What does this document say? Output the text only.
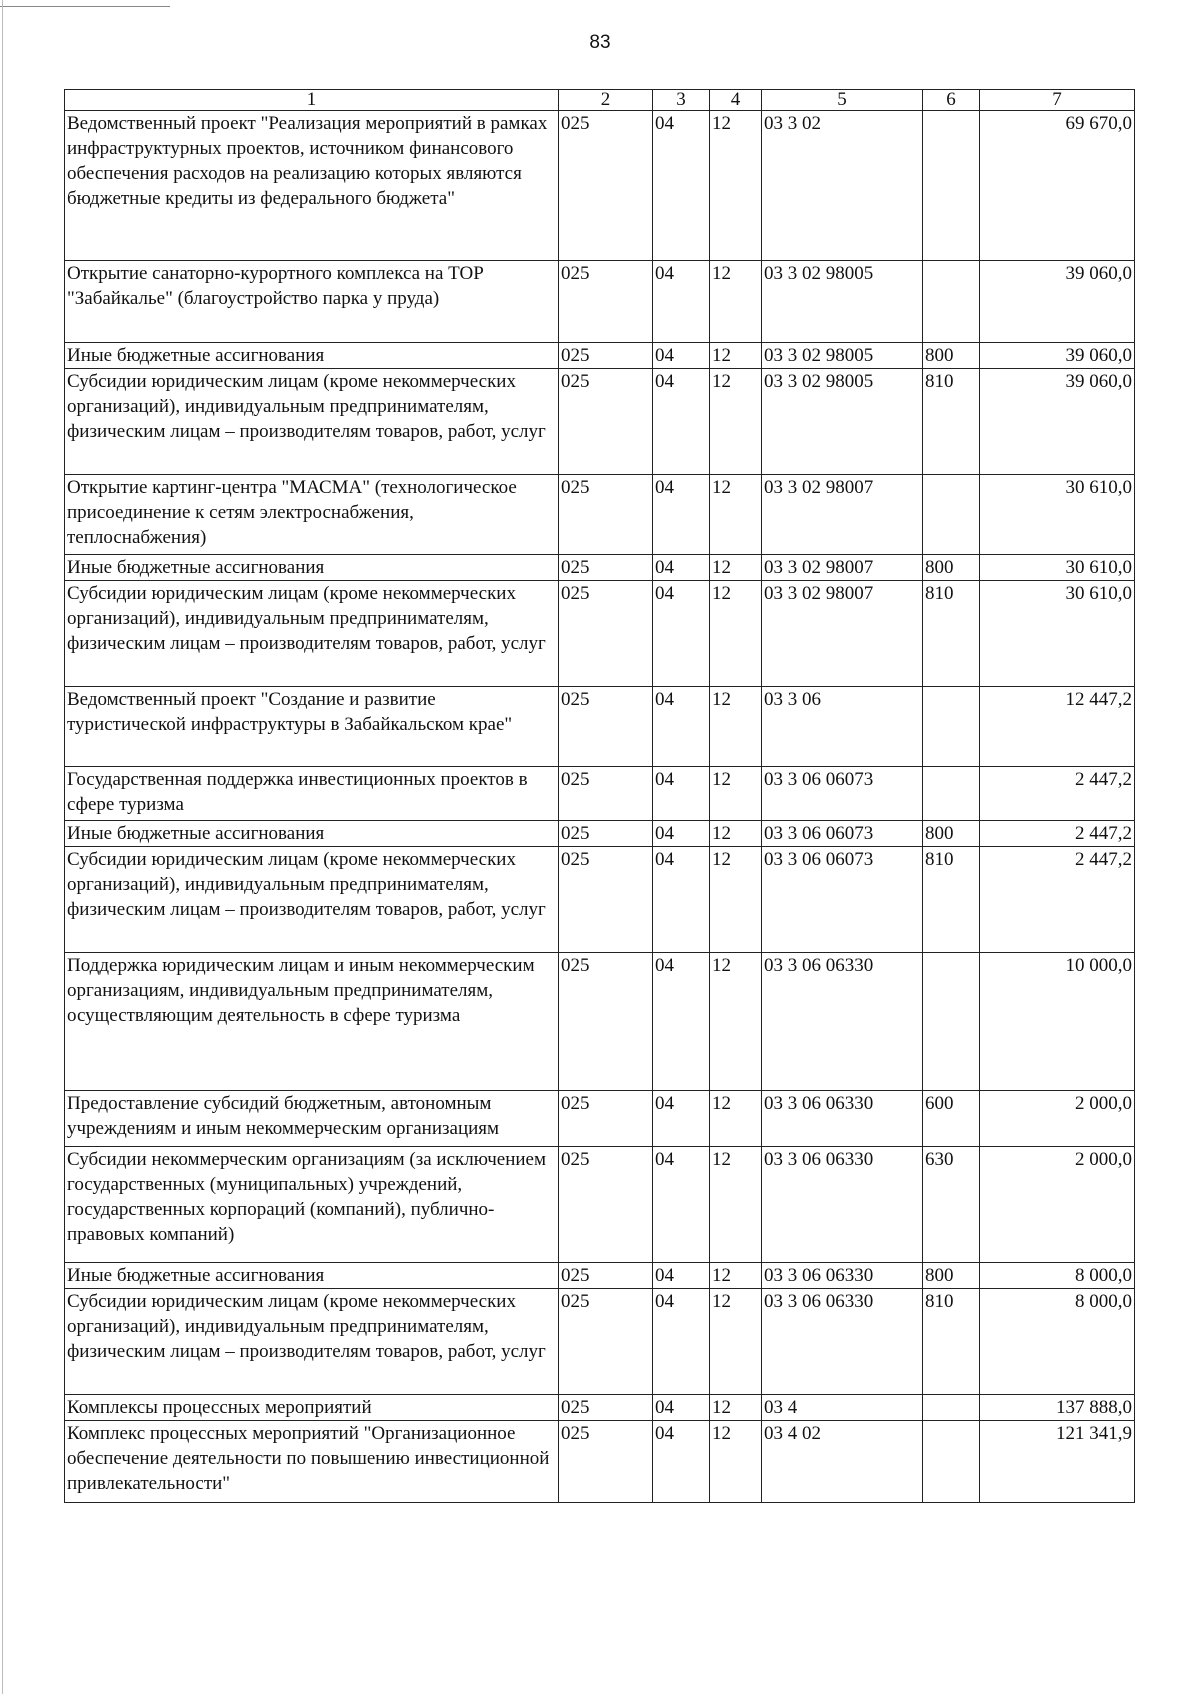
83
1	2	3	4	5	6	7
Ведомственный проект "Реализация мероприятий в рамках инфраструктурных проектов, источником финансового обеспечения расходов на реализацию которых являются бюджетные кредиты из федерального бюджета"	025	04	12	03 3 02		69 670,0
Открытие санаторно-курортного комплекса на ТОР "Забайкалье" (благоустройство парка у пруда)	025	04	12	03 3 02 98005		39 060,0
Иные бюджетные ассигнования	025	04	12	03 3 02 98005	800	39 060,0
Субсидии юридическим лицам (кроме некоммерческих организаций), индивидуальным предпринимателям, физическим лицам – производителям товаров, работ, услуг	025	04	12	03 3 02 98005	810	39 060,0
Открытие картинг-центра "МАСМА" (технологическое присоединение к сетям электроснабжения, теплоснабжения)	025	04	12	03 3 02 98007		30 610,0
Иные бюджетные ассигнования	025	04	12	03 3 02 98007	800	30 610,0
Субсидии юридическим лицам (кроме некоммерческих организаций), индивидуальным предпринимателям, физическим лицам – производителям товаров, работ, услуг	025	04	12	03 3 02 98007	810	30 610,0
Ведомственный проект "Создание и развитие туристической инфраструктуры в Забайкальском крае"	025	04	12	03 3 06		12 447,2
Государственная поддержка инвестиционных проектов в сфере туризма	025	04	12	03 3 06 06073		2 447,2
Иные бюджетные ассигнования	025	04	12	03 3 06 06073	800	2 447,2
Субсидии юридическим лицам (кроме некоммерческих организаций), индивидуальным предпринимателям, физическим лицам – производителям товаров, работ, услуг	025	04	12	03 3 06 06073	810	2 447,2
Поддержка юридическим лицам и иным некоммерческим организациям, индивидуальным предпринимателям, осуществляющим деятельность в сфере туризма	025	04	12	03 3 06 06330		10 000,0
Предоставление субсидий бюджетным, автономным учреждениям и иным некоммерческим организациям	025	04	12	03 3 06 06330	600	2 000,0
Субсидии некоммерческим организациям (за исключением государственных (муниципальных) учреждений, государственных корпораций (компаний), публично-правовых компаний)	025	04	12	03 3 06 06330	630	2 000,0
Иные бюджетные ассигнования	025	04	12	03 3 06 06330	800	8 000,0
Субсидии юридическим лицам (кроме некоммерческих организаций), индивидуальным предпринимателям, физическим лицам – производителям товаров, работ, услуг	025	04	12	03 3 06 06330	810	8 000,0
Комплексы процессных мероприятий	025	04	12	03 4		137 888,0
Комплекс процессных мероприятий "Организационное обеспечение деятельности по повышению инвестиционной привлекательности"	025	04	12	03 4 02		121 341,9
